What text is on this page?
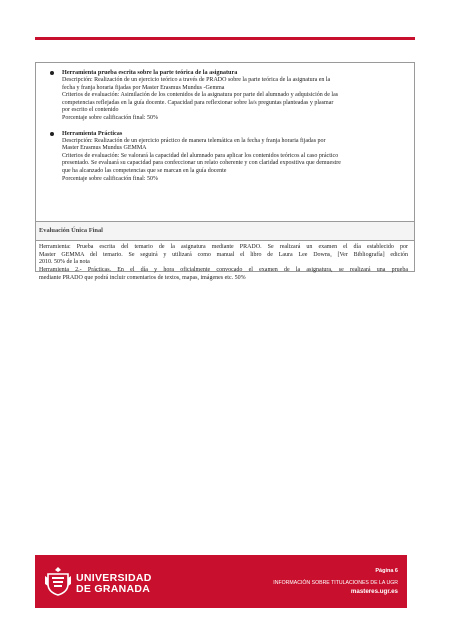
Herramienta prueba escrita sobre la parte teórica de la asignatura
Descripción: Realización de un ejercicio teórico a través de PRADO sobre la parte teórica de la asignatura en la
fecha y franja horaria fijadas por Master Erasmus Mundus -Gemma
Criterios de evaluación: Asimilación de los contenidos de la asignatura por parte del alumnado y adquisición de las
competencias reflejadas en la guía docente. Capacidad para reflexionar sobre la/s preguntas planteadas y plasmar
por escrito el contenido
Porcentaje sobre calificación final: 50%
Herramienta Prácticas
Descripción: Realización de un ejercicio práctico de manera telemática en la fecha y franja horaria fijadas por
Master Erasmus Mundus GEMMA
Criterios de evaluación: Se valorará la capacidad del alumnado para aplicar los contenidos teóricos al caso práctico
presentado. Se evaluará su capacidad para confeccionar un relato coherente y con claridad expositiva que demuestre
que ha alcanzado las competencias que se marcan en la guía docente
Porcentaje sobre calificación final: 50%
Evaluación Única Final
Herramienta: Prueba escrita del temario de la asignatura mediante PRADO. Se realizará un examen el día establecido por
Master GEMMA del temario. Se seguirá y utilizará como manual el libro de Laura Lee Downs, [Ver Bibliografía] edición
2010. 50% de la nota
Herramienta 2.- Prácticas. En el día y hora oficialmente convocado el examen de la asignatura, se realizará una prueba
mediante PRADO que podrá incluir comentarios de textos, mapas, imágenes etc. 50%
UNIVERSIDAD
DE GRANADA
Página 6
INFORMACIÓN SOBRE TITULACIONES DE LA UGR
masteres.ugr.es
